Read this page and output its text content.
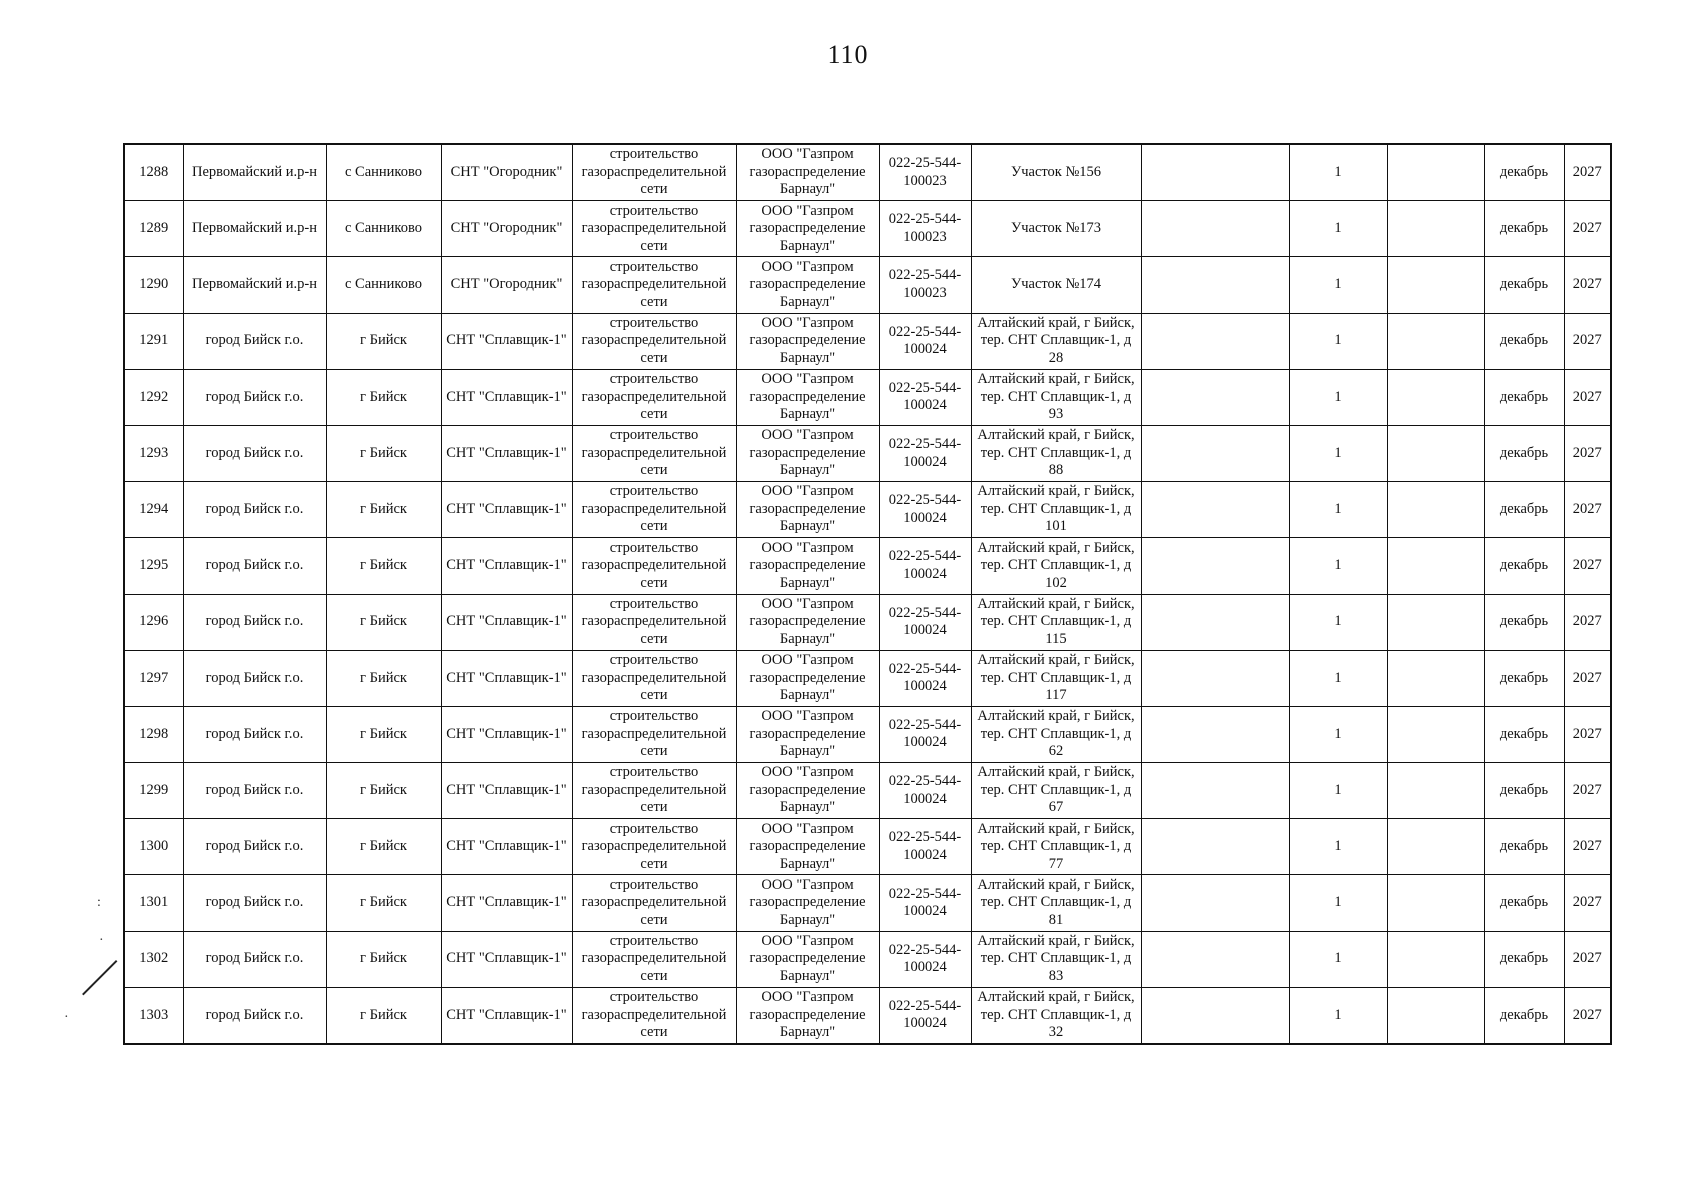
110
1288	Первомайский и.р-н	с Санниково	СНТ "Огородник"	строительство газораспределительной сети	ООО "Газпром газораспределение Барнаул"	022-25-544-100023	Участок №156		1		декабрь	2027
1289	Первомайский и.р-н	с Санниково	СНТ "Огородник"	строительство газораспределительной сети	ООО "Газпром газораспределение Барнаул"	022-25-544-100023	Участок №173		1		декабрь	2027
1290	Первомайский и.р-н	с Санниково	СНТ "Огородник"	строительство газораспределительной сети	ООО "Газпром газораспределение Барнаул"	022-25-544-100023	Участок №174		1		декабрь	2027
1291	город Бийск г.о.	г Бийск	СНТ "Сплавщик-1"	строительство газораспределительной сети	ООО "Газпром газораспределение Барнаул"	022-25-544-100024	Алтайский край, г Бийск, тер. СНТ Сплавщик-1, д 28		1		декабрь	2027
1292	город Бийск г.о.	г Бийск	СНТ "Сплавщик-1"	строительство газораспределительной сети	ООО "Газпром газораспределение Барнаул"	022-25-544-100024	Алтайский край, г Бийск, тер. СНТ Сплавщик-1, д 93		1		декабрь	2027
1293	город Бийск г.о.	г Бийск	СНТ "Сплавщик-1"	строительство газораспределительной сети	ООО "Газпром газораспределение Барнаул"	022-25-544-100024	Алтайский край, г Бийск, тер. СНТ Сплавщик-1, д 88		1		декабрь	2027
1294	город Бийск г.о.	г Бийск	СНТ "Сплавщик-1"	строительство газораспределительной сети	ООО "Газпром газораспределение Барнаул"	022-25-544-100024	Алтайский край, г Бийск, тер. СНТ Сплавщик-1, д 101		1		декабрь	2027
1295	город Бийск г.о.	г Бийск	СНТ "Сплавщик-1"	строительство газораспределительной сети	ООО "Газпром газораспределение Барнаул"	022-25-544-100024	Алтайский край, г Бийск, тер. СНТ Сплавщик-1, д 102		1		декабрь	2027
1296	город Бийск г.о.	г Бийск	СНТ "Сплавщик-1"	строительство газораспределительной сети	ООО "Газпром газораспределение Барнаул"	022-25-544-100024	Алтайский край, г Бийск, тер. СНТ Сплавщик-1, д 115		1		декабрь	2027
1297	город Бийск г.о.	г Бийск	СНТ "Сплавщик-1"	строительство газораспределительной сети	ООО "Газпром газораспределение Барнаул"	022-25-544-100024	Алтайский край, г Бийск, тер. СНТ Сплавщик-1, д 117		1		декабрь	2027
1298	город Бийск г.о.	г Бийск	СНТ "Сплавщик-1"	строительство газораспределительной сети	ООО "Газпром газораспределение Барнаул"	022-25-544-100024	Алтайский край, г Бийск, тер. СНТ Сплавщик-1, д 62		1		декабрь	2027
1299	город Бийск г.о.	г Бийск	СНТ "Сплавщик-1"	строительство газораспределительной сети	ООО "Газпром газораспределение Барнаул"	022-25-544-100024	Алтайский край, г Бийск, тер. СНТ Сплавщик-1, д 67		1		декабрь	2027
1300	город Бийск г.о.	г Бийск	СНТ "Сплавщик-1"	строительство газораспределительной сети	ООО "Газпром газораспределение Барнаул"	022-25-544-100024	Алтайский край, г Бийск, тер. СНТ Сплавщик-1, д 77		1		декабрь	2027
1301	город Бийск г.о.	г Бийск	СНТ "Сплавщик-1"	строительство газораспределительной сети	ООО "Газпром газораспределение Барнаул"	022-25-544-100024	Алтайский край, г Бийск, тер. СНТ Сплавщик-1, д 81		1		декабрь	2027
1302	город Бийск г.о.	г Бийск	СНТ "Сплавщик-1"	строительство газораспределительной сети	ООО "Газпром газораспределение Барнаул"	022-25-544-100024	Алтайский край, г Бийск, тер. СНТ Сплавщик-1, д 83		1		декабрь	2027
1303	город Бийск г.о.	г Бийск	СНТ "Сплавщик-1"	строительство газораспределительной сети	ООО "Газпром газораспределение Барнаул"	022-25-544-100024	Алтайский край, г Бийск, тер. СНТ Сплавщик-1, д 32		1		декабрь	2027
:
·
·
